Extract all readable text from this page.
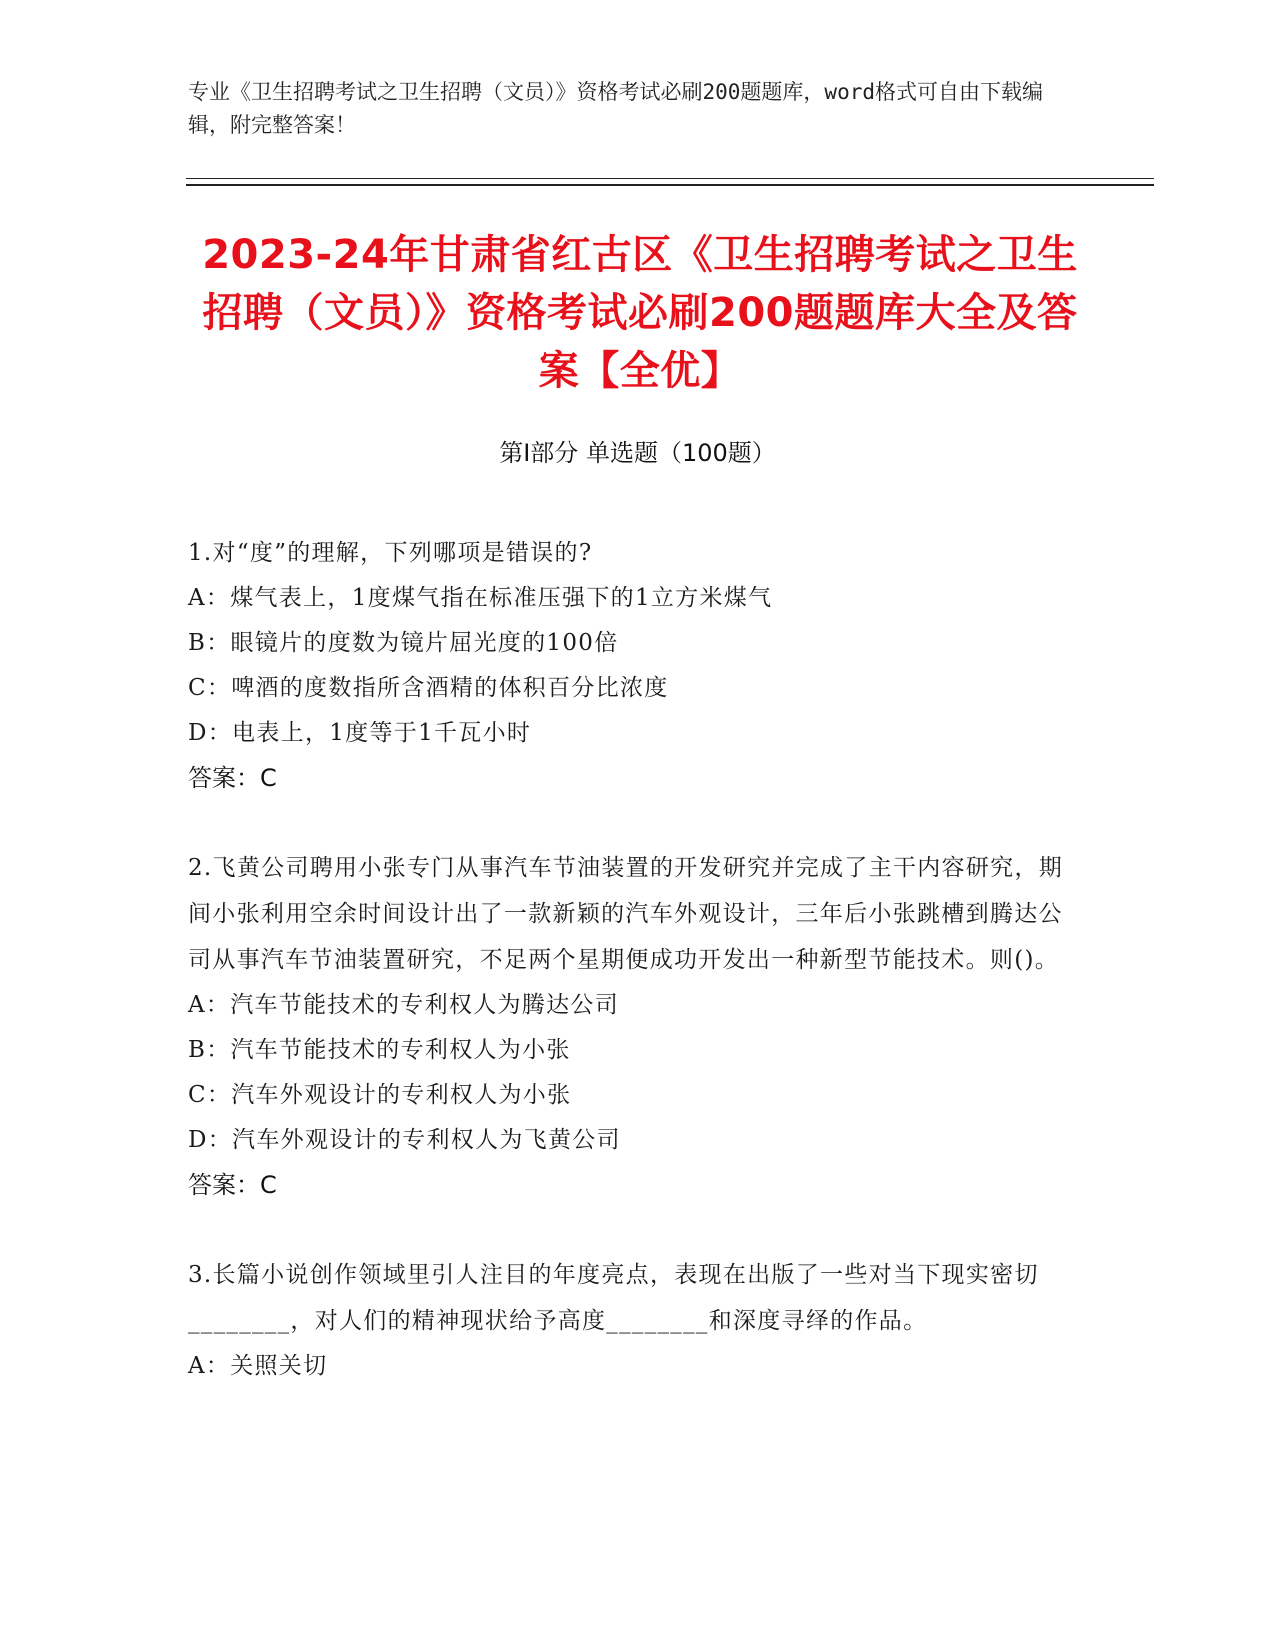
专业《卫生招聘考试之卫生招聘（文员）》资格考试必刷200题题库，word格式可自由下载编辑，附完整答案！
2023-24年甘肃省红古区《卫生招聘考试之卫生招聘（文员）》资格考试必刷200题题库大全及答案【全优】
第Ⅰ部分 单选题（100题）
1.对“度”的理解，下列哪项是错误的?
A：煤气表上，1度煤气指在标准压强下的1立方米煤气
B：眼镜片的度数为镜片屈光度的100倍
C：啤酒的度数指所含酒精的体积百分比浓度
D：电表上，1度等于1千瓦小时
答案：C
2.飞黄公司聘用小张专门从事汽车节油装置的开发研究并完成了主干内容研究，期间小张利用空余时间设计出了一款新颖的汽车外观设计，三年后小张跳槽到腾达公司从事汽车节油装置研究，不足两个星期便成功开发出一种新型节能技术。则()。
A：汽车节能技术的专利权人为腾达公司
B：汽车节能技术的专利权人为小张
C：汽车外观设计的专利权人为小张
D：汽车外观设计的专利权人为飞黄公司
答案：C
3.长篇小说创作领域里引人注目的年度亮点，表现在出版了一些对当下现实密切________，对人们的精神现状给予高度________和深度寻绎的作品。
A：关照关切
